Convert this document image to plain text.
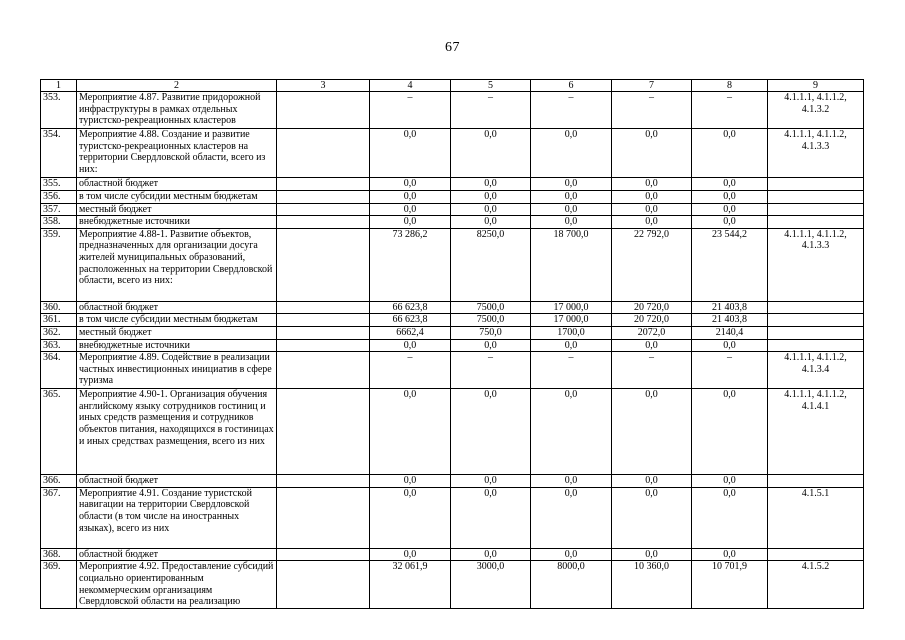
67
1	2	3	4	5	6	7	8	9
353.	Мероприятие 4.87. Развитие придорожной инфраструктуры в рамках отдельных туристско-рекреационных кластеров		–	–	–	–	–	4.1.1.1, 4.1.1.2, 4.1.3.2
354.	Мероприятие 4.88. Создание и развитие туристско-рекреационных кластеров на территории Свердловской области, всего из них:		0,0	0,0	0,0	0,0	0,0	4.1.1.1, 4.1.1.2, 4.1.3.3
355.	областной бюджет		0,0	0,0	0,0	0,0	0,0	
356.	в том числе субсидии местным бюджетам		0,0	0,0	0,0	0,0	0,0	
357.	местный бюджет		0,0	0,0	0,0	0,0	0,0	
358.	внебюджетные источники		0,0	0,0	0,0	0,0	0,0	
359.	Мероприятие 4.88-1. Развитие объектов, предназначенных для организации досуга жителей муниципальных образований, расположенных на территории Свердловской области, всего из них:		73 286,2	8250,0	18 700,0	22 792,0	23 544,2	4.1.1.1, 4.1.1.2, 4.1.3.3
360.	областной бюджет		66 623,8	7500,0	17 000,0	20 720,0	21 403,8	
361.	в том числе субсидии местным бюджетам		66 623,8	7500,0	17 000,0	20 720,0	21 403,8	
362.	местный бюджет		6662,4	750,0	1700,0	2072,0	2140,4	
363.	внебюджетные источники		0,0	0,0	0,0	0,0	0,0	
364.	Мероприятие 4.89. Содействие в реализации частных инвестиционных инициатив в сфере туризма		–	–	–	–	–	4.1.1.1, 4.1.1.2, 4.1.3.4
365.	Мероприятие 4.90-1. Организация обучения английскому языку сотрудников гостиниц и иных средств размещения и сотрудников объектов питания, находящихся в гостиницах и иных средствах размещения, всего из них		0,0	0,0	0,0	0,0	0,0	4.1.1.1, 4.1.1.2, 4.1.4.1
366.	областной бюджет		0,0	0,0	0,0	0,0	0,0	
367.	Мероприятие 4.91. Создание туристской навигации на территории Свердловской области (в том числе на иностранных языках), всего из них		0,0	0,0	0,0	0,0	0,0	4.1.5.1
368.	областной бюджет		0,0	0,0	0,0	0,0	0,0	
369.	Мероприятие 4.92. Предоставление субсидий социально ориентированным некоммерческим организациям Свердловской области на реализацию		32 061,9	3000,0	8000,0	10 360,0	10 701,9	4.1.5.2
